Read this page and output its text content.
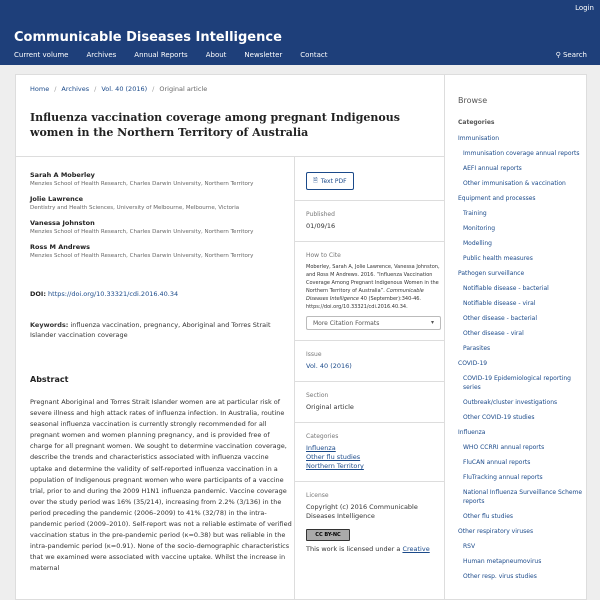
Login
Communicable Diseases Intelligence
Current volume	Archives	Annual Reports	About	Newsletter	Contact	⚲ Search
Home / Archives / Vol. 40 (2016) / Original article
Influenza vaccination coverage among pregnant Indigenous women in the Northern Territory of Australia
Sarah A Moberley
Menzies School of Health Research, Charles Darwin University, Northern Territory
Jolie Lawrence
Dentistry and Health Sciences, University of Melbourne, Melbourne, Victoria
Vanessa Johnston
Menzies School of Health Research, Charles Darwin University, Northern Territory
Ross M Andrews
Menzies School of Health Research, Charles Darwin University, Northern Territory
DOI: https://doi.org/10.33321/cdi.2016.40.34
Keywords: influenza vaccination, pregnancy, Aboriginal and Torres Strait Islander vaccination coverage
Abstract
Pregnant Aboriginal and Torres Strait Islander women are at particular risk of severe illness and high attack rates of influenza infection. In Australia, routine seasonal influenza vaccination is currently strongly recommended for all pregnant women and women planning pregnancy, and is provided free of charge for all pregnant women. We sought to determine vaccination coverage, describe the trends and characteristics associated with influenza vaccine uptake and determine the validity of self-reported influenza vaccination in a population of Indigenous pregnant women who were participants of a vaccine trial, prior to and during the 2009 H1N1 influenza pandemic. Vaccine coverage over the study period was 16% (35/214), increasing from 2.2% (3/136) in the period preceding the pandemic (2006–2009) to 41% (32/78) in the intra-pandemic period (2009–2010). Self-report was not a reliable estimate of verified vaccination status in the pre-pandemic period (κ=0.38) but was reliable in the intra-pandemic period (κ=0.91). None of the socio-demographic characteristics that we examined were associated with vaccine uptake. Whilst the increase in maternal
🗎 Text PDF
Published
01/09/16
How to Cite
Moberley, Sarah A, Jolie Lawrence, Vanessa Johnston, and Ross M Andrews. 2016. “Influenza Vaccination Coverage Among Pregnant Indigenous Women in the Northern Territory of Australia”. Communicable Diseases Intelligence 40 (September):340-46. https://doi.org/10.33321/cdi.2016.40.34.
More Citation Formats	▾
Issue
Vol. 40 (2016)
Section
Original article
Categories
Influenza
Other flu studies
Northern Territory
License
Copyright (c) 2016 Communicable Diseases Intelligence
CC BY-NC
This work is licensed under a Creative
Browse
Categories
Immunisation
Immunisation coverage annual reports
AEFI annual reports
Other immunisation & vaccination
Equipment and processes
Training
Monitoring
Modelling
Public health measures
Pathogen surveillance
Notifiable disease - bacterial
Notifiable disease - viral
Other disease - bacterial
Other disease - viral
Parasites
COVID-19
COVID-19 Epidemiological reporting series
Outbreak/cluster investigations
Other COVID-19 studies
Influenza
WHO CCRRI annual reports
FluCAN annual reports
FluTracking annual reports
National Influenza Surveillance Scheme reports
Other flu studies
Other respiratory viruses
RSV
Human metapneumovirus
Other resp. virus studies
